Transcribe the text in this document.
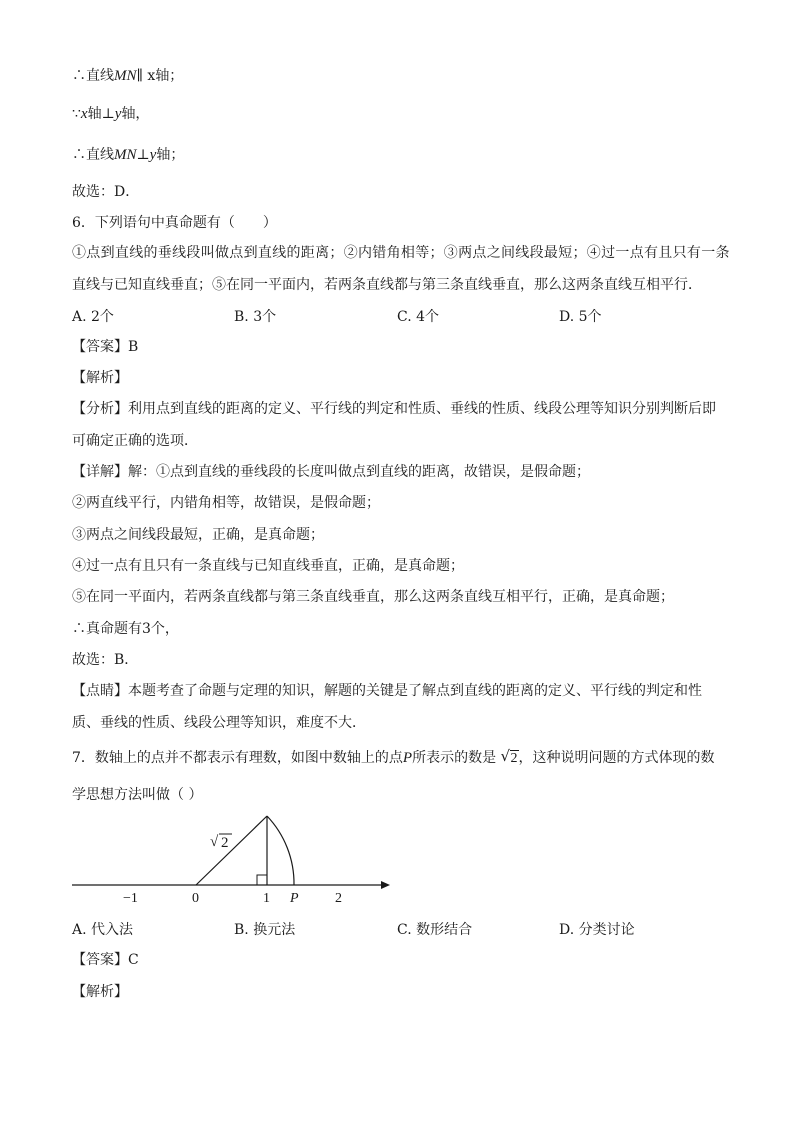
∴直线MN∥ x轴；
∵x轴⊥y轴，
∴直线MN⊥y轴；
故选：D．
6．下列语句中真命题有（　　）
①点到直线的垂线段叫做点到直线的距离；②内错角相等；③两点之间线段最短；④过一点有且只有一条
直线与已知直线垂直；⑤在同一平面内，若两条直线都与第三条直线垂直，那么这两条直线互相平行．
A. 2个	B. 3个	C. 4个	D. 5个
【答案】B
【解析】
【分析】利用点到直线的距离的定义、平行线的判定和性质、垂线的性质、线段公理等知识分别判断后即
可确定正确的选项．
【详解】解：①点到直线的垂线段的长度叫做点到直线的距离，故错误，是假命题；
②两直线平行，内错角相等，故错误，是假命题；
③两点之间线段最短，正确，是真命题；
④过一点有且只有一条直线与已知直线垂直，正确，是真命题；
⑤在同一平面内，若两条直线都与第三条直线垂直，那么这两条直线互相平行，正确，是真命题；
∴真命题有3个，
故选：B．
【点睛】本题考查了命题与定理的知识，解题的关键是了解点到直线的距离的定义、平行线的判定和性
质、垂线的性质、线段公理等知识，难度不大．
7．数轴上的点并不都表示有理数，如图中数轴上的点P所表示的数是 √ 2，这种说明问题的方式体现的数
学思想方法叫做（ ）
√ 2
−1	0	1 P	2
A. 代入法	B. 换元法	C. 数形结合	D. 分类讨论
【答案】C
【解析】
